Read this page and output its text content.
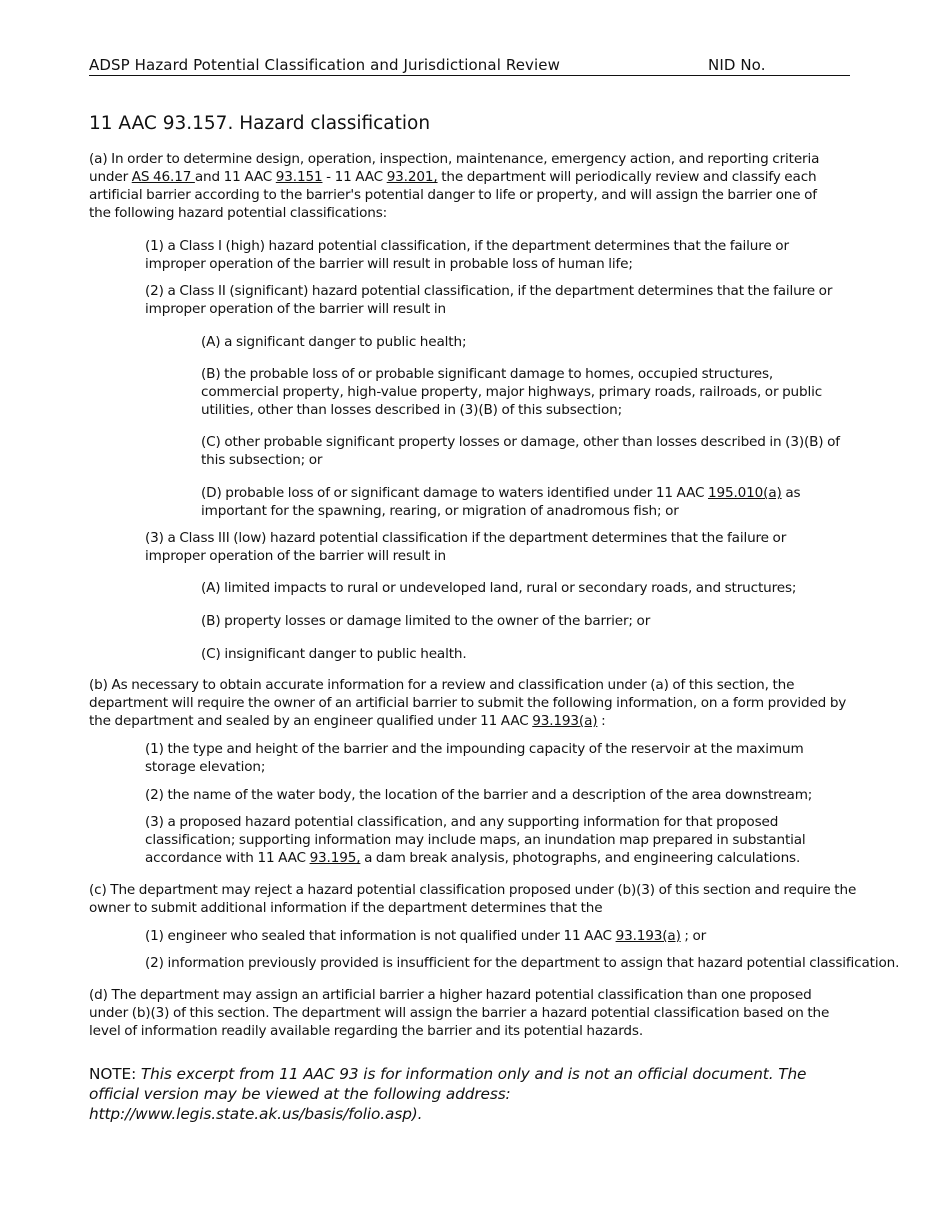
ADSP Hazard Potential Classification and Jurisdictional Review	NID No.
11 AAC 93.157. Hazard classification
(a) In order to determine design, operation, inspection, maintenance, emergency action, and reporting criteria under AS 46.17 and 11 AAC 93.151 - 11 AAC 93.201, the department will periodically review and classify each artificial barrier according to the barrier's potential danger to life or property, and will assign the barrier one of the following hazard potential classifications:
(1) a Class I (high) hazard potential classification, if the department determines that the failure or improper operation of the barrier will result in probable loss of human life;
(2) a Class II (significant) hazard potential classification, if the department determines that the failure or improper operation of the barrier will result in
(A) a significant danger to public health;
(B) the probable loss of or probable significant damage to homes, occupied structures, commercial property, high-value property, major highways, primary roads, railroads, or public utilities, other than losses described in (3)(B) of this subsection;
(C) other probable significant property losses or damage, other than losses described in (3)(B) of this subsection; or
(D) probable loss of or significant damage to waters identified under 11 AAC 195.010(a) as important for the spawning, rearing, or migration of anadromous fish; or
(3) a Class III (low) hazard potential classification if the department determines that the failure or improper operation of the barrier will result in
(A) limited impacts to rural or undeveloped land, rural or secondary roads, and structures;
(B) property losses or damage limited to the owner of the barrier; or
(C) insignificant danger to public health.
(b) As necessary to obtain accurate information for a review and classification under (a) of this section, the department will require the owner of an artificial barrier to submit the following information, on a form provided by the department and sealed by an engineer qualified under 11 AAC 93.193(a) :
(1) the type and height of the barrier and the impounding capacity of the reservoir at the maximum storage elevation;
(2) the name of the water body, the location of the barrier and a description of the area downstream;
(3) a proposed hazard potential classification, and any supporting information for that proposed classification; supporting information may include maps, an inundation map prepared in substantial accordance with 11 AAC 93.195, a dam break analysis, photographs, and engineering calculations.
(c) The department may reject a hazard potential classification proposed under (b)(3) of this section and require the owner to submit additional information if the department determines that the
(1) engineer who sealed that information is not qualified under 11 AAC 93.193(a) ; or
(2) information previously provided is insufficient for the department to assign that hazard potential classification.
(d) The department may assign an artificial barrier a higher hazard potential classification than one proposed under (b)(3) of this section. The department will assign the barrier a hazard potential classification based on the level of information readily available regarding the barrier and its potential hazards.
NOTE: This excerpt from 11 AAC 93 is for information only and is not an official document. The official version may be viewed at the following address: http://www.legis.state.ak.us/basis/folio.asp).
